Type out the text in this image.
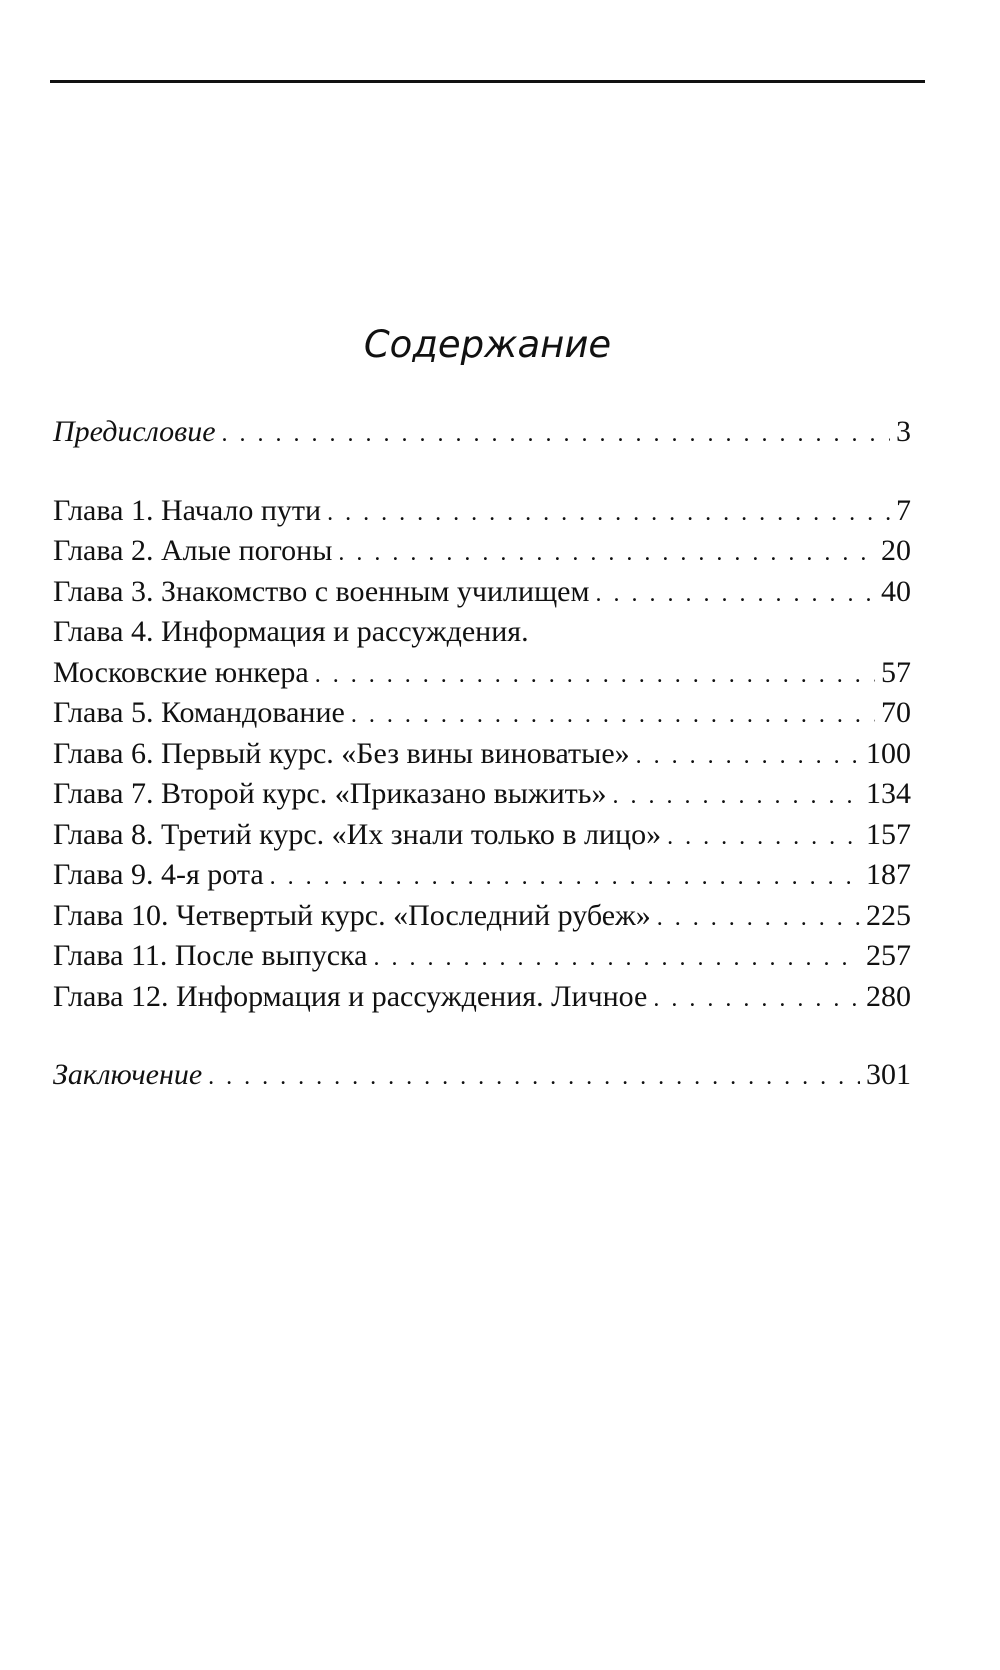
Содержание
Предисловие . . .	3
Глава 1. Начало пути . . .	7
Глава 2. Алые погоны . . .	20
Глава 3. Знакомство с военным училищем . . .	40
Глава 4. Информация и рассуждения.
Московские юнкера . . .	57
Глава 5. Командование . . .	70
Глава 6. Первый курс. «Без вины виноватые» . . .	100
Глава 7. Второй курс. «Приказано выжить» . . .	134
Глава 8. Третий курс. «Их знали только в лицо» . . .	157
Глава 9. 4-я рота . . .	187
Глава 10. Четвертый курс. «Последний рубеж» . . .	225
Глава 11. После выпуска . . .	257
Глава 12. Информация и рассуждения. Личное . . .	280
Заключение . . .	301
